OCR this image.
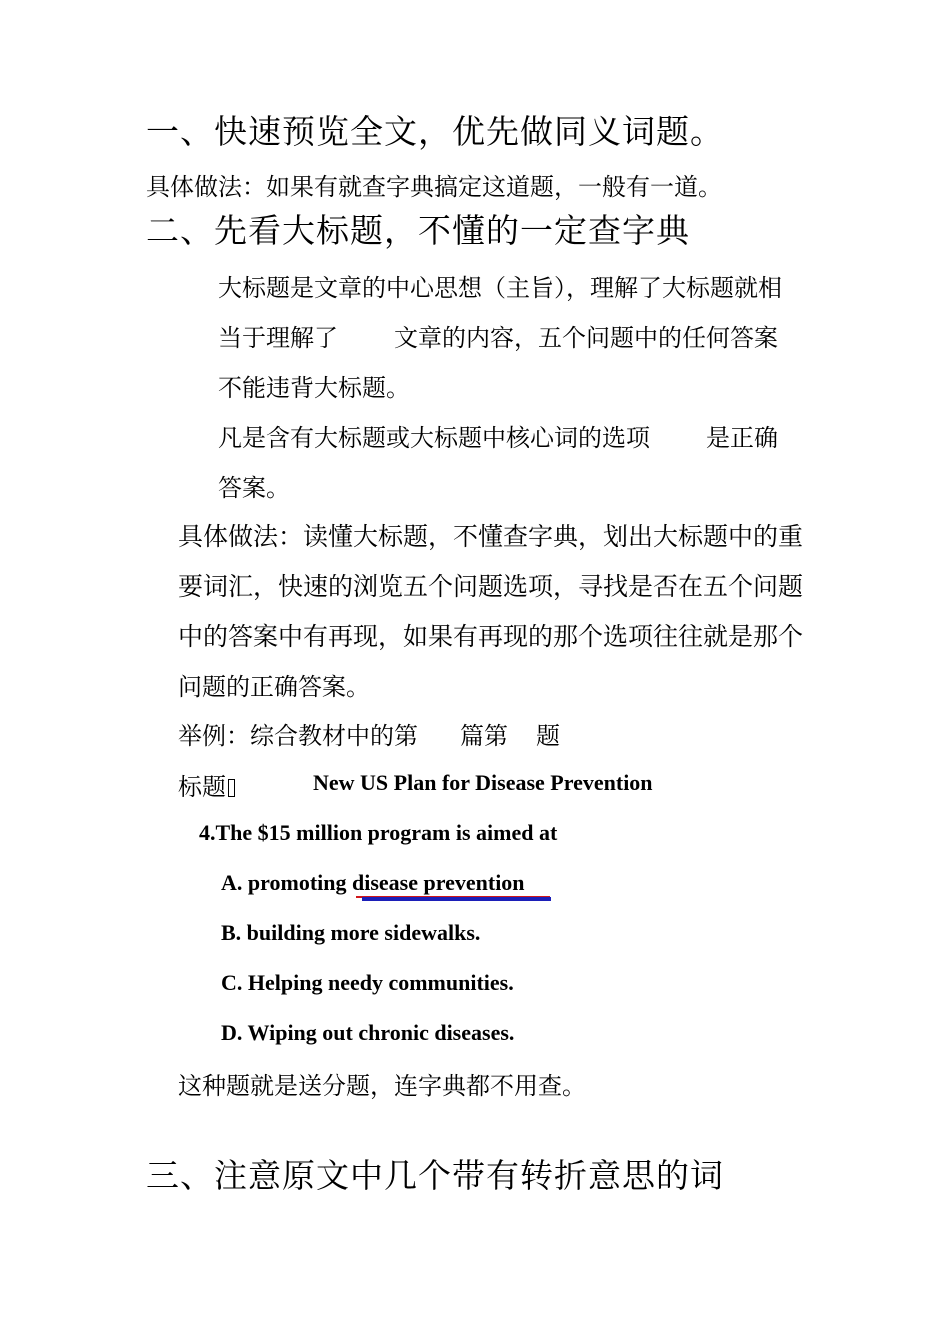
一、快速预览全文，优先做同义词题。
具体做法：如果有就查字典搞定这道题，一般有一道。
二、先看大标题，不懂的一定查字典
大标题是文章的中心思想（主旨），理解了大标题就相
当于理解了 文章的内容，五个问题中的任何答案
不能违背大标题。
凡是含有大标题或大标题中核心词的选项 是正确
答案。
具体做法：读懂大标题，不懂查字典，划出大标题中的重
要词汇，快速的浏览五个问题选项，寻找是否在五个问题
中的答案中有再现，如果有再现的那个选项往往就是那个
问题的正确答案。
举例：综合教材中的第 篇第 题
标题	New US Plan for Disease Prevention
4.The $15 million program is aimed at
A. promoting disease prevention
B. building more sidewalks.
C. Helping needy communities.
D. Wiping out chronic diseases.
这种题就是送分题，连字典都不用查。
三、注意原文中几个带有转折意思的词
